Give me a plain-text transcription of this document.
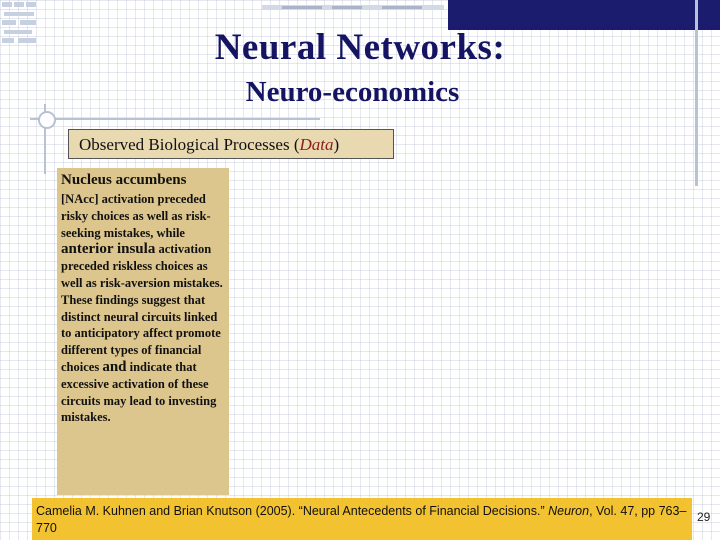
Neural Networks:
Neuro-economics
Observed Biological Processes (Data)
Nucleus accumbens
[NAcc] activation preceded risky choices as well as risk-seeking mistakes, while anterior insula activation preceded riskless choices as well as risk-aversion mistakes. These findings suggest that distinct neural circuits linked to anticipatory affect promote different types of financial choices and indicate that excessive activation of these circuits may lead to investing mistakes.
Camelia M. Kuhnen and Brian Knutson (2005). “Neural Antecedents of Financial Decisions.” Neuron, Vol. 47, pp 763–770
29
